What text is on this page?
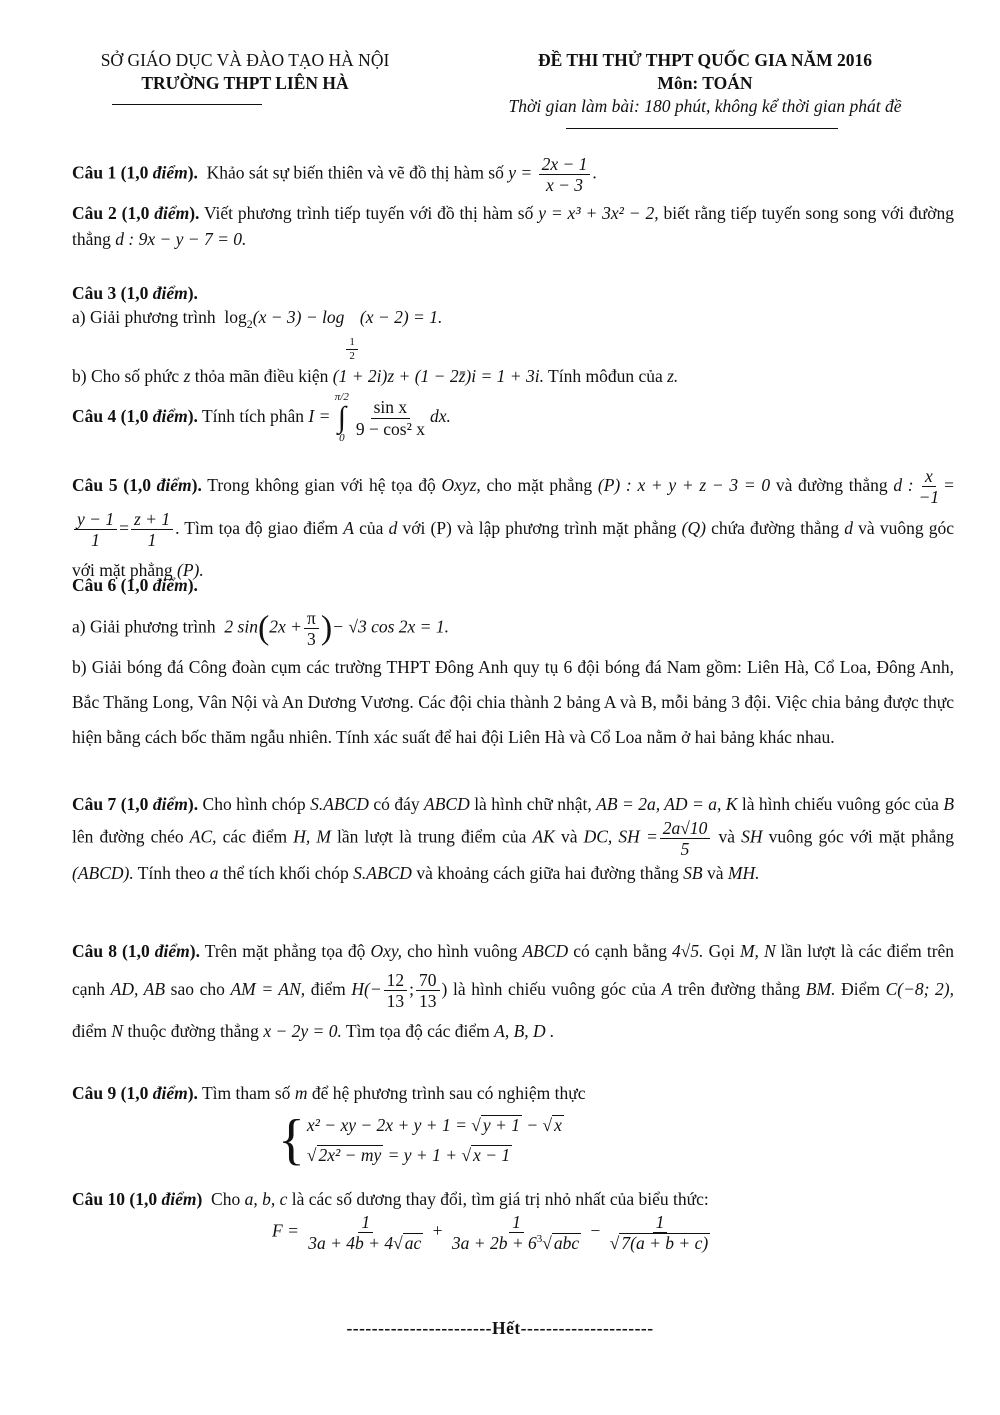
SỞ GIÁO DỤC VÀ ĐÀO TẠO HÀ NỘI
TRƯỜNG THPT LIÊN HÀ
ĐỀ THI THỬ THPT QUỐC GIA NĂM 2016
Môn: TOÁN
Thời gian làm bài: 180 phút, không kể thời gian phát đề
Câu 1 (1,0 điểm). Khảo sát sự biến thiên và vẽ đồ thị hàm số $y = \frac{2x - 1}{x - 3}$ .
Câu 2 (1,0 điểm). Viết phương trình tiếp tuyến với đồ thị hàm số y = x³ + 3x² − 2, biết rằng tiếp tuyến song song với đường thẳng d : 9x − y − 7 = 0.
Câu 3 (1,0 điểm).
a) Giải phương trình $\log_2(x - 3) - \log$
$\frac{1}{2}$
(x − 2) = 1.
b) Cho số phức z thỏa mãn điều kiện (1 + 2i)z + (1 − 2z̄)i = 1 + 3i. Tính môđun của z.
Câu 4 (1,0 điểm). Tính tích phân I =
π/2
∫
$0 \frac{\text{sin x}}{\text{9 − cos² x}}$ dx.
Câu 5 (1,0 điểm). Trong không gian với hệ tọa độ Oxyz, cho mặt phẳng (P) : x + y + z − 3 = 0 và đường thẳng d : $\frac{x}{-1}$ =
$\frac{y - 1}{1} = \frac{z + 1}{1}$ . Tìm tọa độ giao điểm A của d với (P) và lập phương trình mặt phẳng (Q) chứa đường thẳng d và vuông góc với mặt phẳng (P).
Câu 6 (1,0 điểm).
a) Giải phương trình 2 $\sin(2x + \frac{\pi}{3}$ )− √3 cos 2x = 1.
b) Giải bóng đá Công đoàn cụm các trường THPT Đông Anh quy tụ 6 đội bóng đá Nam gồm: Liên Hà, Cổ Loa, Đông Anh, Bắc Thăng Long, Vân Nội và An Dương Vương. Các đội chia thành 2 bảng A và B, mỗi bảng 3 đội. Việc chia bảng được thực hiện bằng cách bốc thăm ngẫu nhiên. Tính xác suất để hai đội Liên Hà và Cổ Loa nằm ở hai bảng khác nhau.
Câu 7 (1,0 điểm). Cho hình chóp S.ABCD có đáy ABCD là hình chữ nhật, AB = 2a, AD = a, K là hình chiếu vuông góc của B lên đường chéo AC, các điểm H, M lần lượt là trung điểm của AK và DC, SH = $\frac{2a√10}{5}$ và SH vuông góc với mặt phẳng (ABCD). Tính theo a thể tích khối chóp S.ABCD và khoảng cách giữa hai đường thẳng SB và MH.
Câu 8 (1,0 điểm). Trên mặt phẳng tọa độ Oxy, cho hình vuông ABCD có cạnh bằng 4√5. Gọi M, N lần lượt là các điểm trên cạnh AD, AB sao cho AM = AN, điểm $H(- \frac{12}{13}$ ; $\frac{70}{13}$ ) là hình chiếu vuông góc của A trên đường thẳng BM. Điểm C(−8; 2), điểm N thuộc đường thẳng x − 2y = 0. Tìm tọa độ các điểm A, B, D .
Câu 9 (1,0 điểm). Tìm tham số m để hệ phương trình sau có nghiệm thực
{ x² − xy − 2x + y + 1 = √ y + 1 − √ x
√ 2x² − my = y + 1 + √ x − 1
Câu 10 (1,0 điểm) Cho a, b, c là các số dương thay đổi, tìm giá trị nhỏ nhất của biểu thức:
$F = \frac{1}{3a + 4b + 4√ ac} + \frac{1}{3a + 2b + 6^3√ abc} - \frac{1}{√ 7(a + b + c)}$
-----------------------Hết---------------------
